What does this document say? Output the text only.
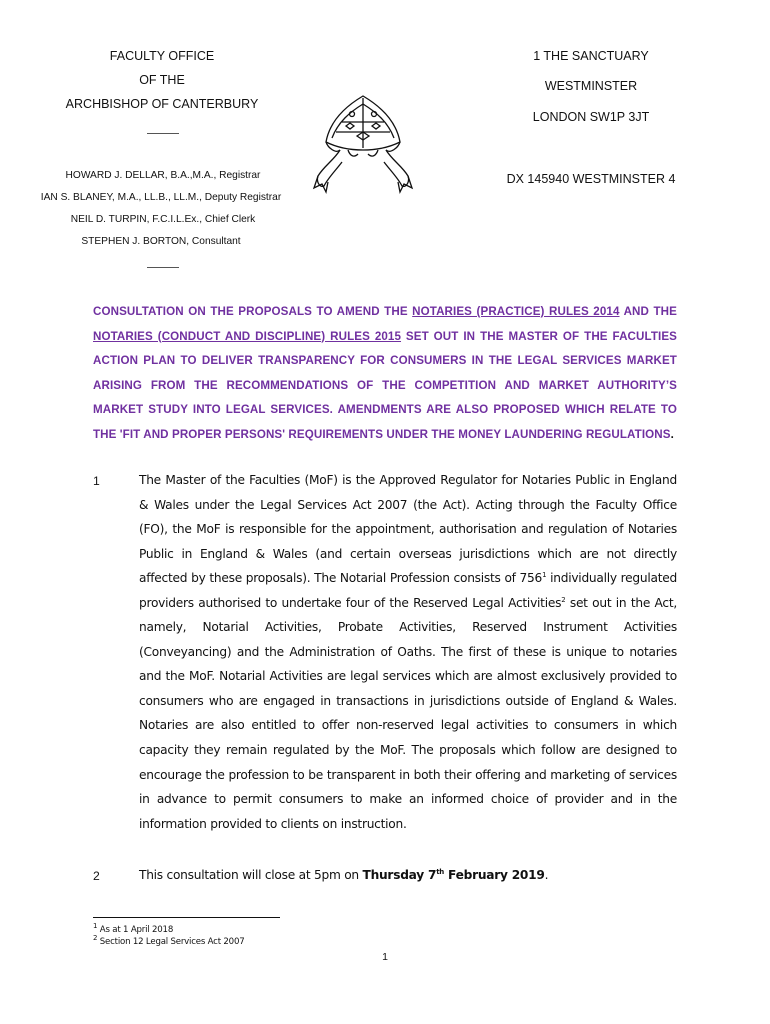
FACULTY OFFICE
OF THE
ARCHBISHOP OF CANTERBURY
1 THE SANCTUARY
WESTMINSTER
LONDON SW1P 3JT
DX 145940 WESTMINSTER 4
HOWARD J. DELLAR, B.A.,M.A., Registrar
IAN S. BLANEY, M.A., LL.B., LL.M., Deputy Registrar
NEIL D. TURPIN, F.C.I.L.Ex., Chief Clerk
STEPHEN J. BORTON, Consultant
CONSULTATION ON THE PROPOSALS TO AMEND THE NOTARIES (PRACTICE) RULES 2014 AND THE NOTARIES (CONDUCT AND DISCIPLINE) RULES 2015 SET OUT IN THE MASTER OF THE FACULTIES ACTION PLAN TO DELIVER TRANSPARENCY FOR CONSUMERS IN THE LEGAL SERVICES MARKET ARISING FROM THE RECOMMENDATIONS OF THE COMPETITION AND MARKET AUTHORITY’S MARKET STUDY INTO LEGAL SERVICES. AMENDMENTS ARE ALSO PROPOSED WHICH RELATE TO THE 'FIT AND PROPER PERSONS' REQUIREMENTS UNDER THE MONEY LAUNDERING REGULATIONS.
1	The Master of the Faculties (MoF) is the Approved Regulator for Notaries Public in England & Wales under the Legal Services Act 2007 (the Act). Acting through the Faculty Office (FO), the MoF is responsible for the appointment, authorisation and regulation of Notaries Public in England & Wales (and certain overseas jurisdictions which are not directly affected by these proposals). The Notarial Profession consists of $756^1$ individually regulated providers authorised to undertake four of the Reserved Legal Activities$^2$ set out in the Act, namely, Notarial Activities, Probate Activities, Reserved Instrument Activities (Conveyancing) and the Administration of Oaths. The first of these is unique to notaries and the MoF. Notarial Activities are legal services which are almost exclusively provided to consumers who are engaged in transactions in jurisdictions outside of England & Wales. Notaries are also entitled to offer non-reserved legal activities to consumers in which capacity they remain regulated by the MoF. The proposals which follow are designed to encourage the profession to be transparent in both their offering and marketing of services in advance to permit consumers to make an informed choice of provider and in the information provided to clients on instruction.
2	This consultation will close at 5pm on Thursday 7th February 2019.
$^1$ As at 1 April 2018
$^2$ Section 12 Legal Services Act 2007
1
